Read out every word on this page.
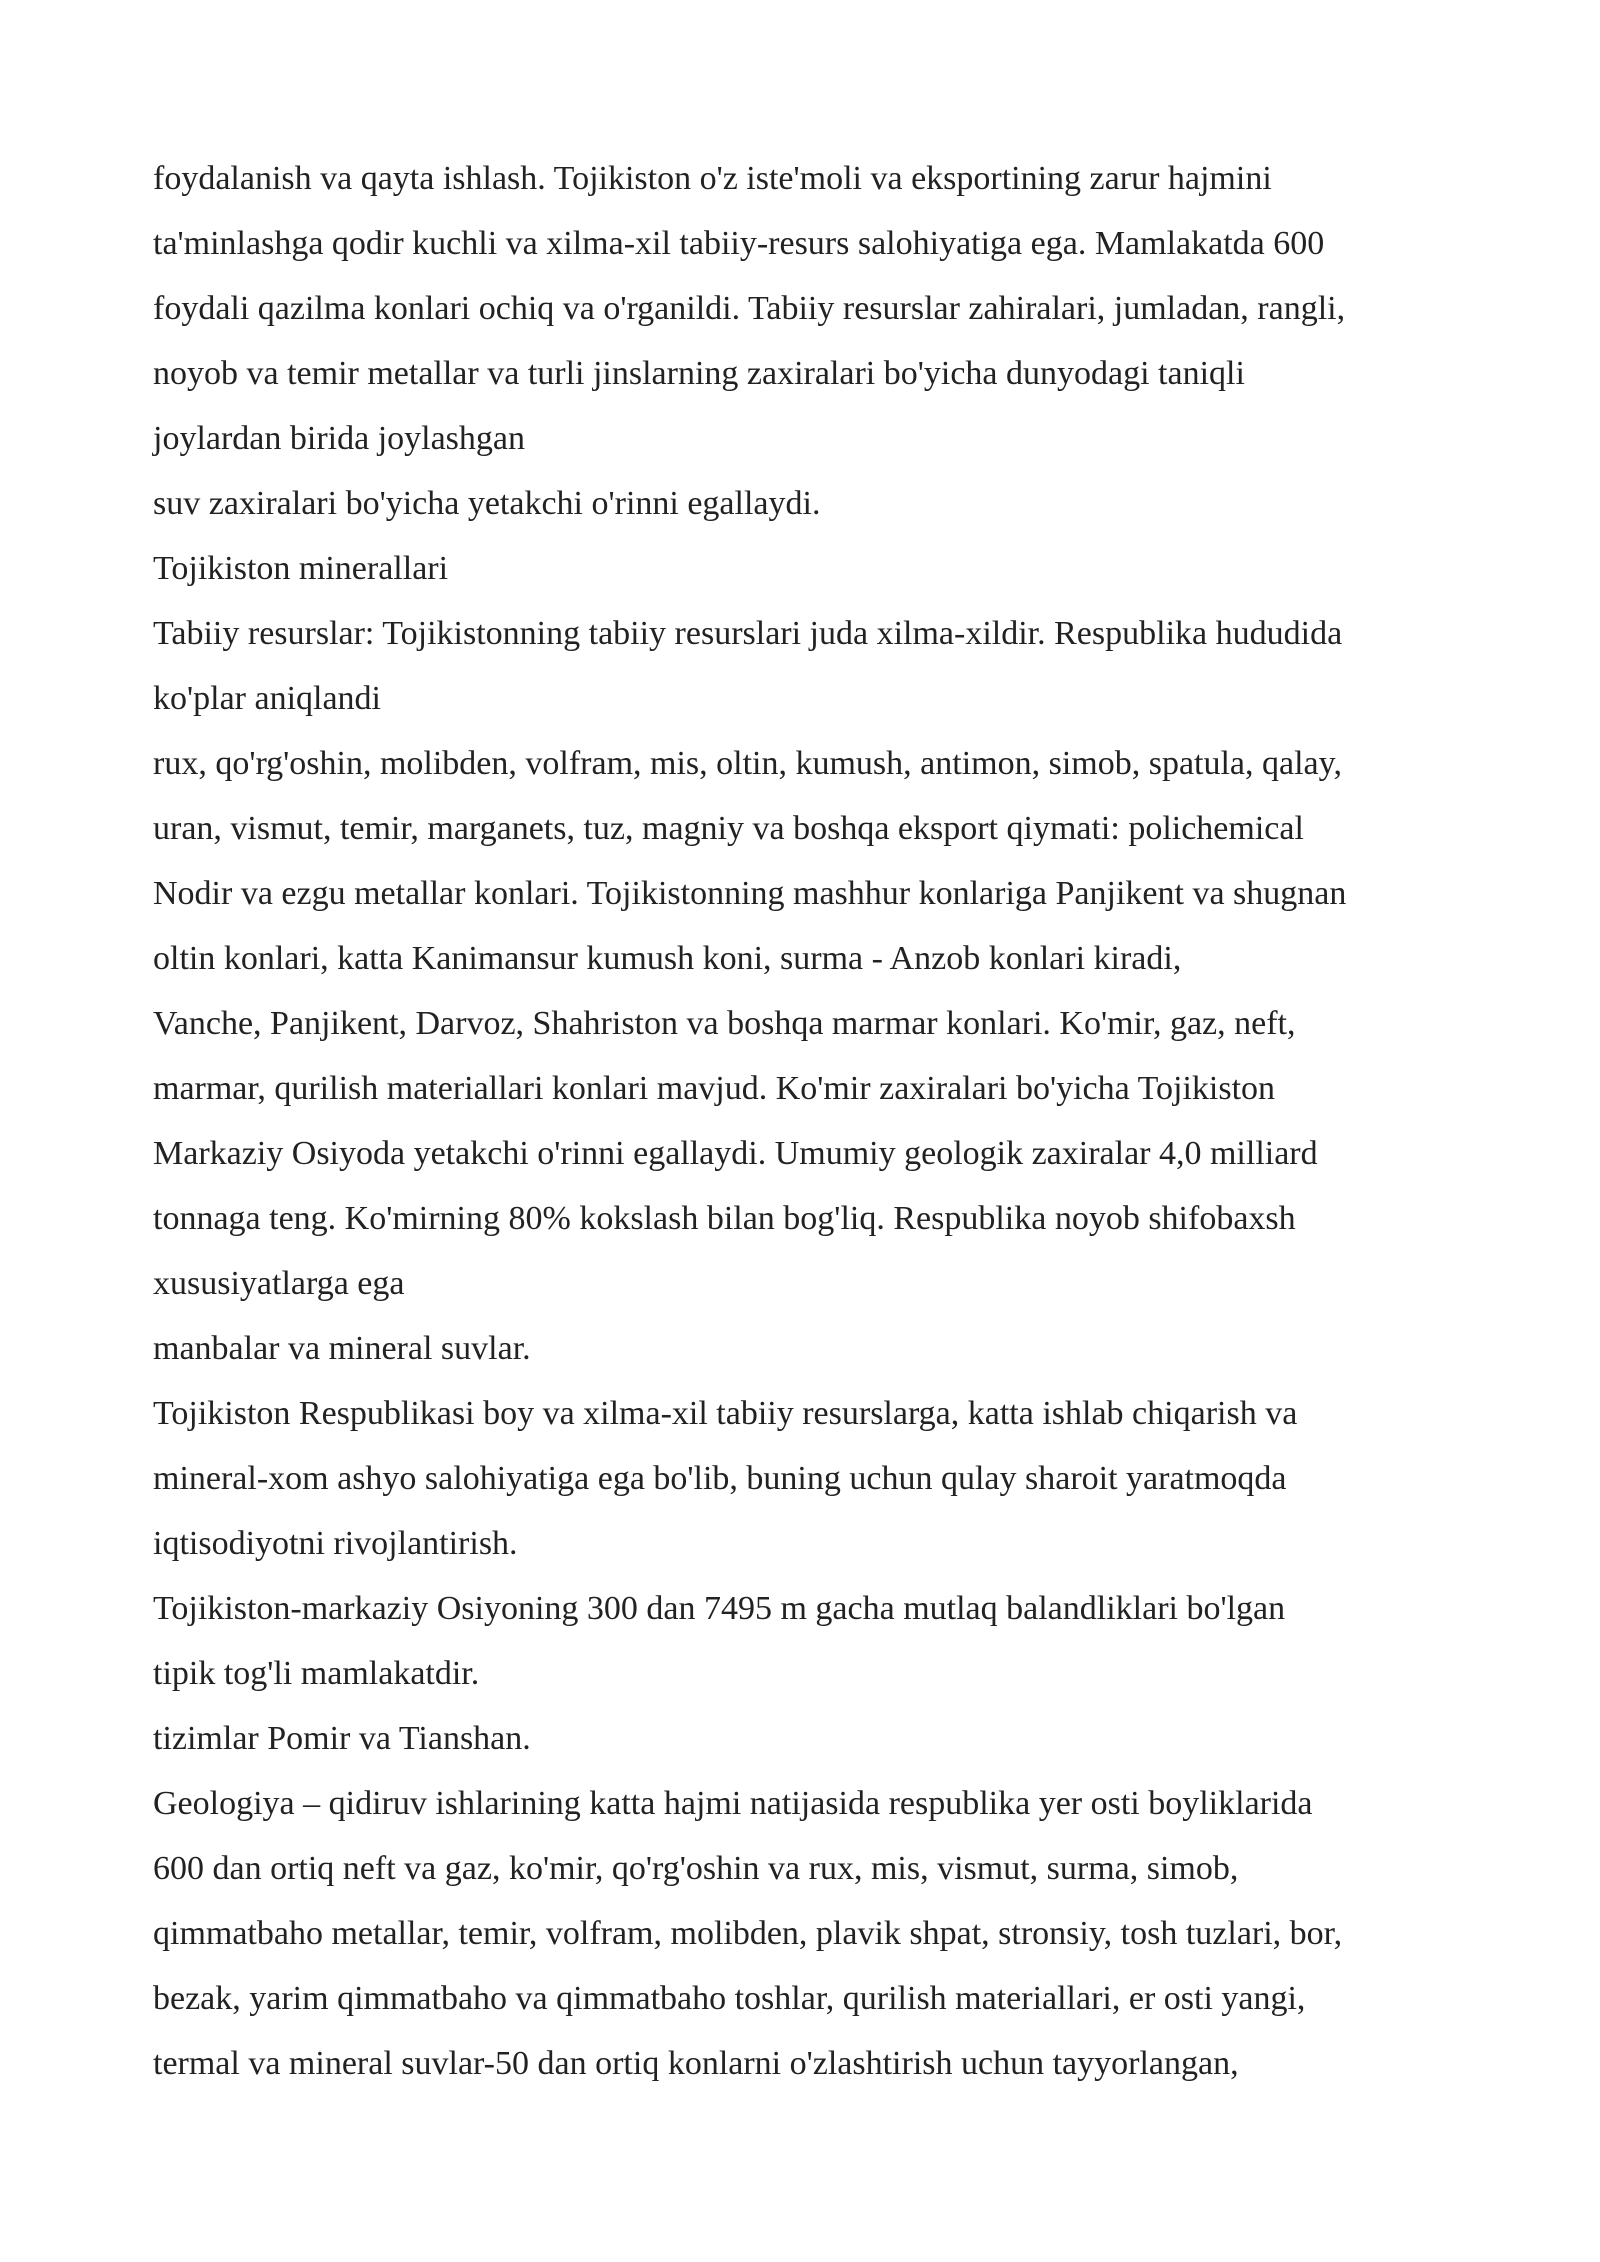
foydalanish va qayta ishlash. Tojikiston o'z iste'moli va eksportining zarur hajmini
ta'minlashga qodir kuchli va xilma-xil tabiiy-resurs salohiyatiga ega. Mamlakatda 600
foydali qazilma konlari ochiq va o'rganildi. Tabiiy resurslar zahiralari, jumladan, rangli,
noyob va temir metallar va turli jinslarning zaxiralari bo'yicha dunyodagi taniqli
joylardan birida joylashgan
suv zaxiralari bo'yicha yetakchi o'rinni egallaydi.
Tojikiston minerallari
Tabiiy resurslar: Tojikistonning tabiiy resurslari juda xilma-xildir. Respublika hududida
ko'plar aniqlandi
rux, qo'rg'oshin, molibden, volfram, mis, oltin, kumush, antimon, simob, spatula, qalay,
uran, vismut, temir, marganets, tuz, magniy va boshqa eksport qiymati: polichemical
Nodir va ezgu metallar konlari. Tojikistonning mashhur konlariga Panjikent va shugnan
oltin konlari, katta Kanimansur kumush koni, surma - Anzob konlari kiradi,
Vanche, Panjikent, Darvoz, Shahriston va boshqa marmar konlari. Ko'mir, gaz, neft,
marmar, qurilish materiallari konlari mavjud. Ko'mir zaxiralari bo'yicha Tojikiston
Markaziy Osiyoda yetakchi o'rinni egallaydi. Umumiy geologik zaxiralar 4,0 milliard
tonnaga teng. Ko'mirning 80% kokslash bilan bog'liq. Respublika noyob shifobaxsh
xususiyatlarga ega
manbalar va mineral suvlar.
Tojikiston Respublikasi boy va xilma-xil tabiiy resurslarga, katta ishlab chiqarish va
mineral-xom ashyo salohiyatiga ega bo'lib, buning uchun qulay sharoit yaratmoqda
iqtisodiyotni rivojlantirish.
Tojikiston-markaziy Osiyoning 300 dan 7495 m gacha mutlaq balandliklari bo'lgan
tipik tog'li mamlakatdir.
tizimlar Pomir va Tianshan.
Geologiya – qidiruv ishlarining katta hajmi natijasida respublika yer osti boyliklarida
600 dan ortiq neft va gaz, ko'mir, qo'rg'oshin va rux, mis, vismut, surma, simob,
qimmatbaho metallar, temir, volfram, molibden, plavik shpat, stronsiy, tosh tuzlari, bor,
bezak, yarim qimmatbaho va qimmatbaho toshlar, qurilish materiallari, er osti yangi,
termal va mineral suvlar-50 dan ortiq konlarni o'zlashtirish uchun tayyorlangan,
